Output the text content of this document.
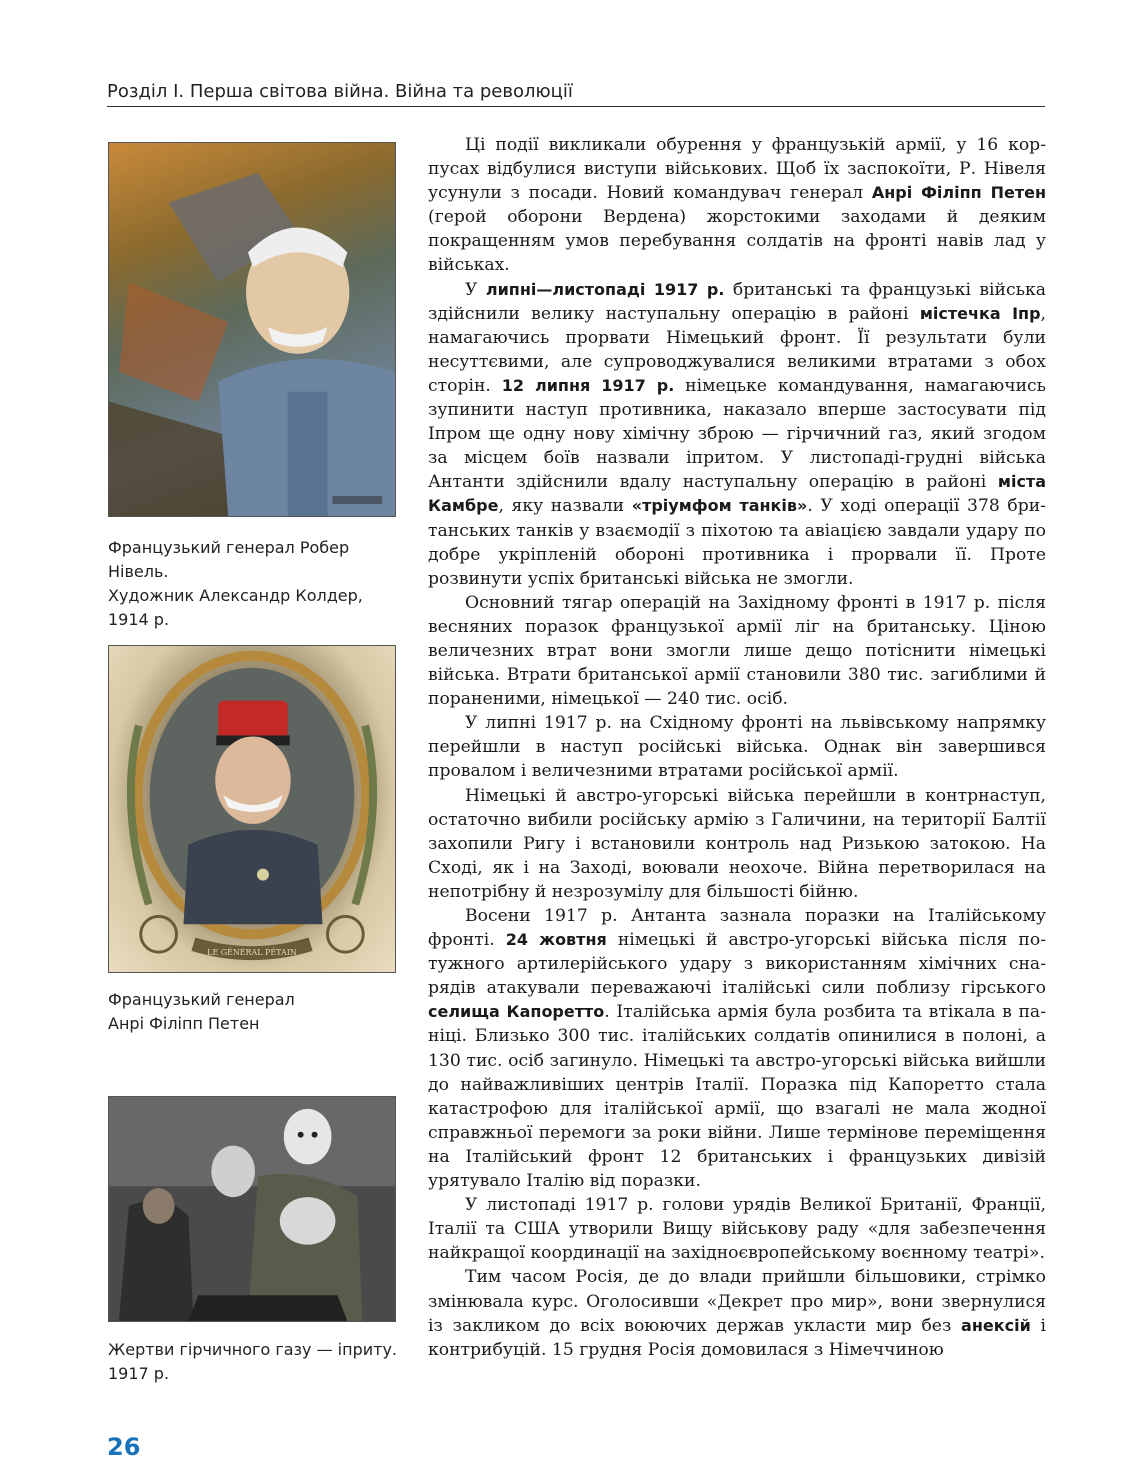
Розділ І. Перша світова війна. Війна та революції
Французький генерал Робер Нівель.
Художник Александр Колдер, 1914 р.
LE GÉNÉRAL PÉTAIN
Французький генерал
Анрі Філіпп Петен
Жертви гірчичного газу — іприту.
1917 р.

Ці події викликали обурення у французькій армії, у 16 корпусах відбулися виступи військових. Щоб їх заспокоїти, Р. Нівеля усунули з посади. Новий командувач генерал Анрі Філіпп Петен (герой оборони Вердена) жорстокими заходами й деяким покращенням умов перебування солдатів на фронті навів лад у військах.

У липні—листопаді 1917 р. британські та французькі війська здійснили велику наступальну операцію в районі містечка Іпр, намагаючись прорвати Німецький фронт. Її результати були несуттєвими, але супроводжувалися великими втратами з обох сторін. 12 липня 1917 р. німецьке командування, намагаючись зупинити наступ противника, наказало вперше застосувати під Іпром ще одну нову хімічну зброю — гірчичний газ, який згодом за місцем боїв назвали іпритом. У листопаді-грудні війська Антанти здійснили вдалу наступальну операцію в районі міста Камбре, яку назвали «тріумфом танків». У ході операції 378 британських танків у взаємодії з піхотою та авіацією завдали удару по добре укріпленій обороні противника і прорвали її. Проте розвинути успіх британські війська не змогли.

Основний тягар операцій на Західному фронті в 1917 р. після весняних поразок французької армії ліг на британську. Ціною величезних втрат вони змогли лише дещо потіснити німецькі війська. Втрати британської армії становили 380 тис. загиблими й пораненими, німецької — 240 тис. осіб.

У липні 1917 р. на Східному фронті на львівському напрямку перейшли в наступ російські війська. Однак він завершився провалом і величезними втратами російської армії.

Німецькі й австро-угорські війська перейшли в контрнаступ, остаточно вибили російську армію з Галичини, на території Балтії захопили Ригу і встановили контроль над Ризькою затокою. На Сході, як і на Заході, воювали неохоче. Війна перетворилася на непотрібну й незрозумілу для більшості бійню.

Восени 1917 р. Антанта зазнала поразки на Італійському фронті. 24 жовтня німецькі й австро-угорські війська після потужного артилерійського удару з використанням хімічних снарядів атакували переважаючі італійські сили поблизу гірського селища Капоретто. Італійська армія була розбита та втікала в паніці. Близько 300 тис. італійських солдатів опинилися в полоні, а 130 тис. осіб загинуло. Німецькі та австро-угорські війська вийшли до найважливіших центрів Італії. Поразка під Капоретто стала катастрофою для італійської армії, що взагалі не мала жодної справжньої перемоги за роки війни. Лише термінове переміщення на Італійський фронт 12 британських і французьких дивізій урятувало Італію від поразки.

У листопаді 1917 р. голови урядів Великої Британії, Франції, Італії та США утворили Вищу військову раду «для забезпечення найкращої координації на західноєвропейському воєнному театрі».

Тим часом Росія, де до влади прийшли більшовики, стрімко змінювала курс. Оголосивши «Декрет про мир», вони звернулися із закликом до всіх воюючих держав укласти мир без анексій і контрибуцій. 15 грудня Росія домовилася з Німеччиною

26
